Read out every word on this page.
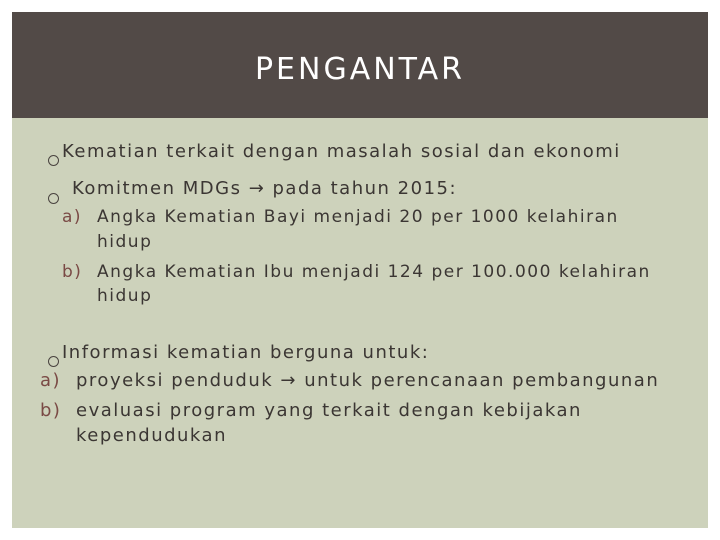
PENGANTAR
Kematian terkait dengan masalah sosial dan ekonomi
Komitmen MDGs → pada tahun 2015:
a) Angka Kematian Bayi menjadi 20 per 1000 kelahiran
hidup
b) Angka Kematian Ibu menjadi 124 per 100.000 kelahiran
hidup
Informasi kematian berguna untuk:
a) proyeksi penduduk → untuk perencanaan pembangunan
b) evaluasi program yang terkait dengan kebijakan
kependudukan
